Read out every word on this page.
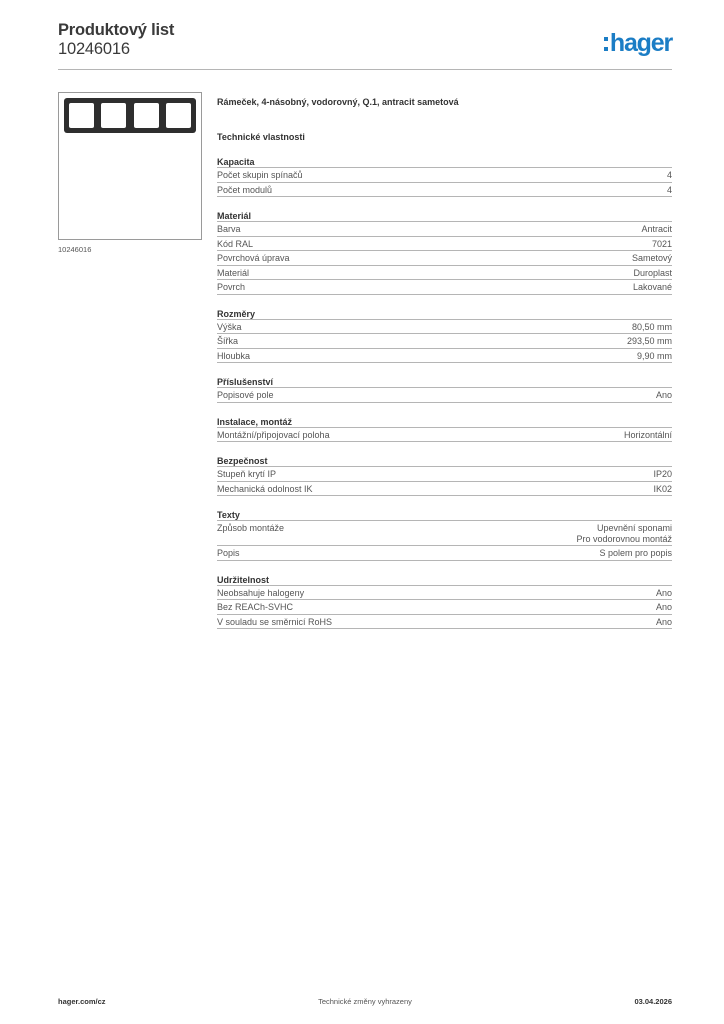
Produktový list
10246016	hager
10246016
Rámeček, 4-násobný, vodorovný, Q.1, antracit sametová
Technické vlastnosti
Kapacita
Počet skupin spínačů	4
Počet modulů	4
Materiál
Barva	Antracit
Kód RAL	7021
Povrchová úprava	Sametový
Materiál	Duroplast
Povrch	Lakované
Rozměry
Výška	80,50 mm
Šířka	293,50 mm
Hloubka	9,90 mm
Příslušenství
Popisové pole	Ano
Instalace, montáž
Montážní/připojovací poloha	Horizontální
Bezpečnost
Stupeň krytí IP	IP20
Mechanická odolnost IK	IK02
Texty
Způsob montáže	Upevnění sponami
Pro vodorovnou montáž
Popis	S polem pro popis
Udržitelnost
Neobsahuje halogeny	Ano
Bez REACh-SVHC	Ano
V souladu se směrnicí RoHS	Ano
Technické změny vyhrazeny
hager.com/cz	03.04.2026
